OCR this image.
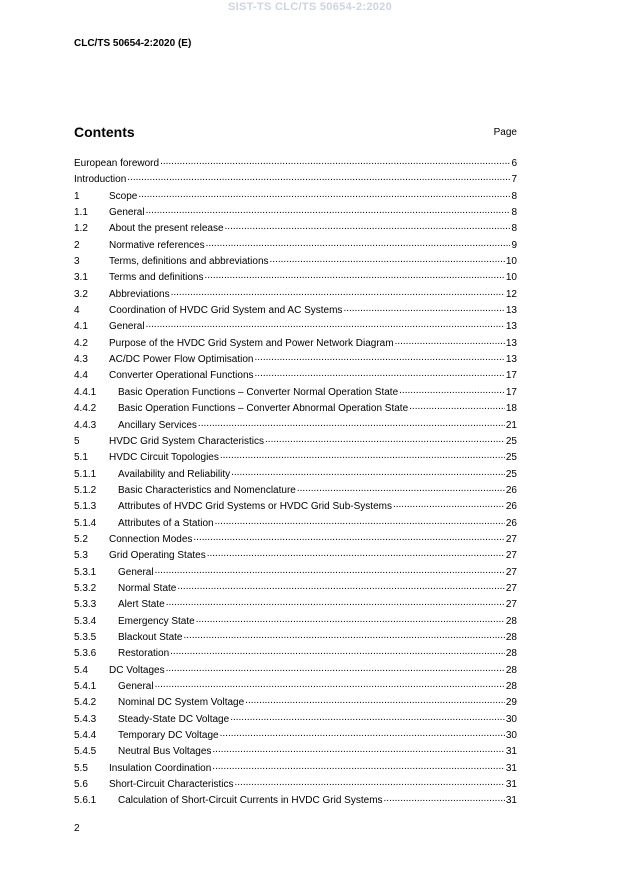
SIST-TS CLC/TS 50654-2:2020
CLC/TS 50654-2:2020 (E)
Contents	Page
European foreword .....	6
Introduction .....	7
1	Scope .....	8
1.1	General .....	8
1.2	About the present release .....	8
2	Normative references .....	9
3	Terms, definitions and abbreviations .....	10
3.1	Terms and definitions .....	10
3.2	Abbreviations .....	12
4	Coordination of HVDC Grid System and AC Systems .....	13
4.1	General .....	13
4.2	Purpose of the HVDC Grid System and Power Network Diagram .....	13
4.3	AC/DC Power Flow Optimisation .....	13
4.4	Converter Operational Functions .....	17
4.4.1	Basic Operation Functions – Converter Normal Operation State .....	17
4.4.2	Basic Operation Functions – Converter Abnormal Operation State .....	18
4.4.3	Ancillary Services .....	21
5	HVDC Grid System Characteristics .....	25
5.1	HVDC Circuit Topologies .....	25
5.1.1	Availability and Reliability .....	25
5.1.2	Basic Characteristics and Nomenclature .....	26
5.1.3	Attributes of HVDC Grid Systems or HVDC Grid Sub-Systems .....	26
5.1.4	Attributes of a Station .....	26
5.2	Connection Modes .....	27
5.3	Grid Operating States .....	27
5.3.1	General .....	27
5.3.2	Normal State .....	27
5.3.3	Alert State .....	27
5.3.4	Emergency State .....	28
5.3.5	Blackout State .....	28
5.3.6	Restoration .....	28
5.4	DC Voltages .....	28
5.4.1	General .....	28
5.4.2	Nominal DC System Voltage .....	29
5.4.3	Steady-State DC Voltage .....	30
5.4.4	Temporary DC Voltage .....	30
5.4.5	Neutral Bus Voltages .....	31
5.5	Insulation Coordination .....	31
5.6	Short-Circuit Characteristics .....	31
5.6.1	Calculation of Short-Circuit Currents in HVDC Grid Systems .....	31
2
